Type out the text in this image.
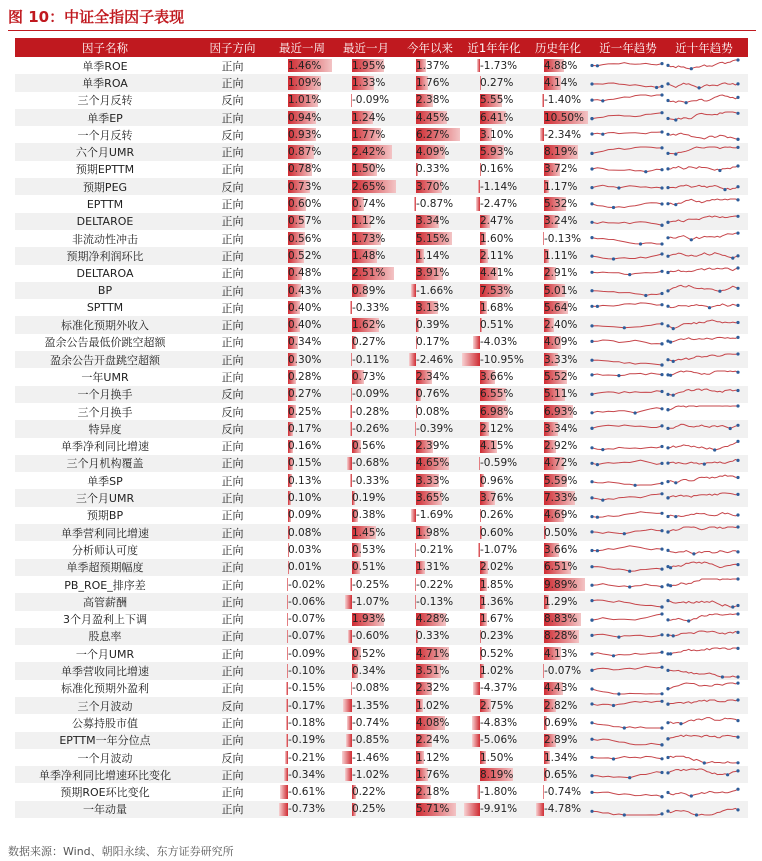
图 10：中证全指因子表现
因子名称	因子方向	最近一周	最近一月	今年以来	近1年年化	历史年化	近一年趋势	近十年趋势
单季ROE	正向	1.46%	1.95%	1.37%	-1.73%	4.88%
单季ROA	正向	1.09%	1.33%	1.76%	0.27%	4.14%
三个月反转	反向	1.01%	-0.09%	2.38%	5.55%	-1.40%
单季EP	正向	0.94%	1.24%	4.45%	6.41%	10.50%
一个月反转	反向	0.93%	1.77%	6.27%	3.10%	-2.34%
六个月UMR	正向	0.87%	2.42%	4.09%	5.93%	8.19%
预期EPTTM	正向	0.78%	1.50%	0.33%	0.16%	3.72%
预期PEG	反向	0.73%	2.65%	3.70%	-1.14%	1.17%
EPTTM	正向	0.60%	0.74%	-0.87%	-2.47%	5.32%
DELTAROE	正向	0.57%	1.12%	3.34%	2.47%	3.24%
非流动性冲击	正向	0.56%	1.73%	5.15%	1.60%	-0.13%
预期净利润环比	正向	0.52%	1.48%	1.14%	2.11%	1.11%
DELTAROA	正向	0.48%	2.51%	3.91%	4.41%	2.91%
BP	正向	0.43%	0.89%	-1.66%	7.53%	5.01%
SPTTM	正向	0.40%	-0.33%	3.13%	1.68%	5.64%
标准化预期外收入	正向	0.40%	1.62%	0.39%	0.51%	2.40%
盈余公告最低价跳空超额	正向	0.34%	0.27%	0.17%	-4.03%	4.09%
盈余公告开盘跳空超额	正向	0.30%	-0.11%	-2.46%	-10.95% 3.33%
一年UMR	正向	0.28%	0.73%	2.34%	3.66%	5.52%
一个月换手	反向	0.27%	-0.09%	0.76%	6.55%	5.11%
三个月换手	反向	0.25%	-0.28%	0.08%	6.98%	6.93%
特异度	反向	0.17%	-0.26%	-0.39%	2.12%	3.34%
单季净利同比增速	正向	0.16%	0.56%	2.39%	4.15%	2.92%
三个月机构覆盖	正向	0.15%	-0.68%	4.65%	-0.59%	4.72%
单季SP	正向	0.13%	-0.33%	3.33%	0.96%	5.59%
三个月UMR	正向	0.10%	0.19%	3.65%	3.76%	7.33%
预期BP	正向	0.09%	0.38%	-1.69%	0.26%	4.69%
单季营利同比增速	正向	0.08%	1.45%	1.98%	0.60%	0.50%
分析师认可度	正向	0.03%	0.53%	-0.21%	-1.07%	3.66%
单季超预期幅度	正向	0.01%	0.51%	1.31%	2.02%	6.51%
PB_ROE_排序差	正向	-0.02%	-0.25%	-0.22%	1.85%	9.89%
高管薪酬	正向	-0.06%	-1.07%	-0.13%	1.36%	1.29%
3个月盈利上下调	正向	-0.07%	1.93%	4.28%	1.67%	8.83%
股息率	正向	-0.07%	-0.60%	0.33%	0.23%	8.28%
一个月UMR	正向	-0.09%	0.52%	4.71%	0.52%	4.13%
单季营收同比增速	正向	-0.10%	0.34%	3.51%	1.02%	-0.07%
标准化预期外盈利	正向	-0.15%	-0.08%	2.32%	-4.37%	4.43%
三个月波动	反向	-0.17%	-1.35%	1.02%	2.75%	2.82%
公募持股市值	正向	-0.18%	-0.74%	4.08%	-4.83%	0.69%
EPTTM一年分位点	正向	-0.19%	-0.85%	2.24%	-5.06%	2.89%
一个月波动	反向	-0.21%	-1.46%	1.12%	1.50%	1.34%
单季净利同比增速环比变化	正向	-0.34%	-1.02%	1.76%	8.19%	0.65%
预期ROE环比变化	正向	-0.61%	0.22%	2.18%	-1.80%	-0.74%
一年动量	正向	-0.73%	0.25%	5.71%	-9.91%	-4.78%
数据来源：Wind、朝阳永续、东方证券研究所
